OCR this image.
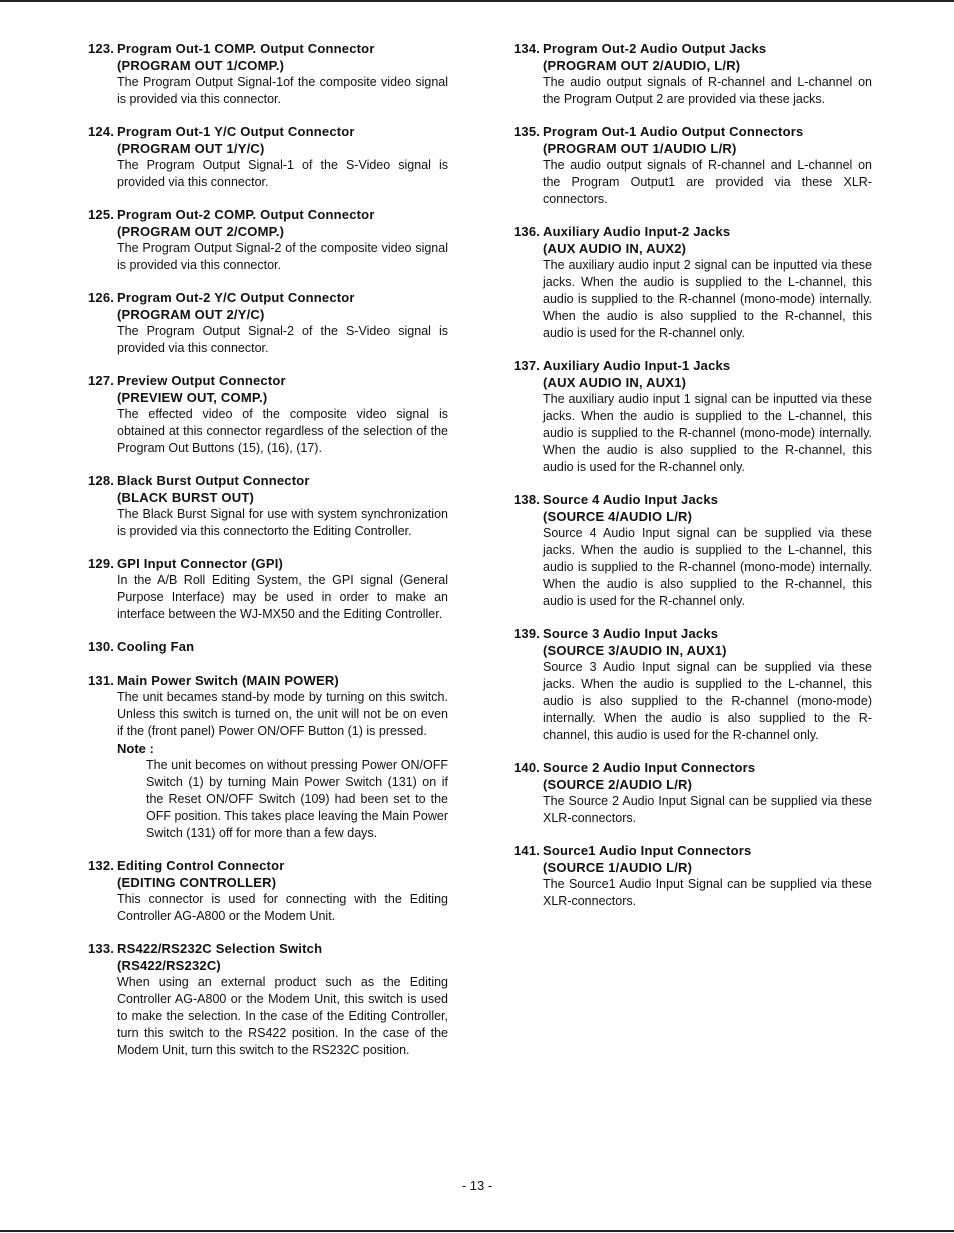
123. Program Out-1 COMP. Output Connector
(PROGRAM OUT 1/COMP.)
The Program Output Signal-1of the composite video signal is provided via this connector.
124. Program Out-1 Y/C Output Connector
(PROGRAM OUT 1/Y/C)
The Program Output Signal-1 of the S-Video signal is provided via this connector.
125. Program Out-2 COMP. Output Connector
(PROGRAM OUT 2/COMP.)
The Program Output Signal-2 of the composite video signal is provided via this connector.
126. Program Out-2 Y/C Output Connector
(PROGRAM OUT 2/Y/C)
The Program Output Signal-2 of the S-Video signal is provided via this connector.
127. Preview Output Connector
(PREVIEW OUT, COMP.)
The effected video of the composite video signal is obtained at this connector regardless of the selection of the Program Out Buttons (15), (16), (17).
128. Black Burst Output Connector
(BLACK BURST OUT)
The Black Burst Signal for use with system synchronization is provided via this connectorto the Editing Controller.
129. GPI Input Connector (GPI)
In the A/B Roll Editing System, the GPI signal (General Purpose Interface) may be used in order to make an interface between the WJ-MX50 and the Editing Controller.
130. Cooling Fan
131. Main Power Switch (MAIN POWER)
The unit becames stand-by mode by turning on this switch. Unless this switch is turned on, the unit will not be on even if the (front panel) Power ON/OFF Button (1) is pressed.
Note :
The unit becomes on without pressing Power ON/OFF Switch (1) by turning Main Power Switch (131) on if the Reset ON/OFF Switch (109) had been set to the OFF position. This takes place leaving the Main Power Switch (131) off for more than a few days.
132. Editing Control Connector
(EDITING CONTROLLER)
This connector is used for connecting with the Editing Controller AG-A800 or the Modem Unit.
133. RS422/RS232C Selection Switch
(RS422/RS232C)
When using an external product such as the Editing Controller AG-A800 or the Modem Unit, this switch is used to make the selection. In the case of the Editing Controller, turn this switch to the RS422 position. In the case of the Modem Unit, turn this switch to the RS232C position.
134. Program Out-2 Audio Output Jacks
(PROGRAM OUT 2/AUDIO, L/R)
The audio output signals of R-channel and L-channel on the Program Output 2 are provided via these jacks.
135. Program Out-1 Audio Output Connectors
(PROGRAM OUT 1/AUDIO L/R)
The audio output signals of R-channel and L-channel on the Program Output1 are provided via these XLR-connectors.
136. Auxiliary Audio Input-2 Jacks
(AUX AUDIO IN, AUX2)
The auxiliary audio input 2 signal can be inputted via these jacks. When the audio is supplied to the L-channel, this audio is supplied to the R-channel (mono-mode) internally. When the audio is also supplied to the R-channel, this audio is used for the R-channel only.
137. Auxiliary Audio Input-1 Jacks
(AUX AUDIO IN, AUX1)
The auxiliary audio input 1 signal can be inputted via these jacks. When the audio is supplied to the L-channel, this audio is supplied to the R-channel (mono-mode) internally. When the audio is also supplied to the R-channel, this audio is used for the R-channel only.
138. Source 4 Audio Input Jacks
(SOURCE 4/AUDIO L/R)
Source 4 Audio Input signal can be supplied via these jacks. When the audio is supplied to the L-channel, this audio is supplied to the R-channel (mono-mode) internally. When the audio is also supplied to the R-channel, this audio is used for the R-channel only.
139. Source 3 Audio Input Jacks
(SOURCE 3/AUDIO IN, AUX1)
Source 3 Audio Input signal can be supplied via these jacks. When the audio is supplied to the L-channel, this audio is also supplied to the R-channel (mono-mode) internally. When the audio is also supplied to the R-channel, this audio is used for the R-channel only.
140. Source 2 Audio Input Connectors
(SOURCE 2/AUDIO L/R)
The Source 2 Audio Input Signal can be supplied via these XLR-connectors.
141. Source1 Audio Input Connectors
(SOURCE 1/AUDIO L/R)
The Source1 Audio Input Signal can be supplied via these XLR-connectors.
- 13 -
